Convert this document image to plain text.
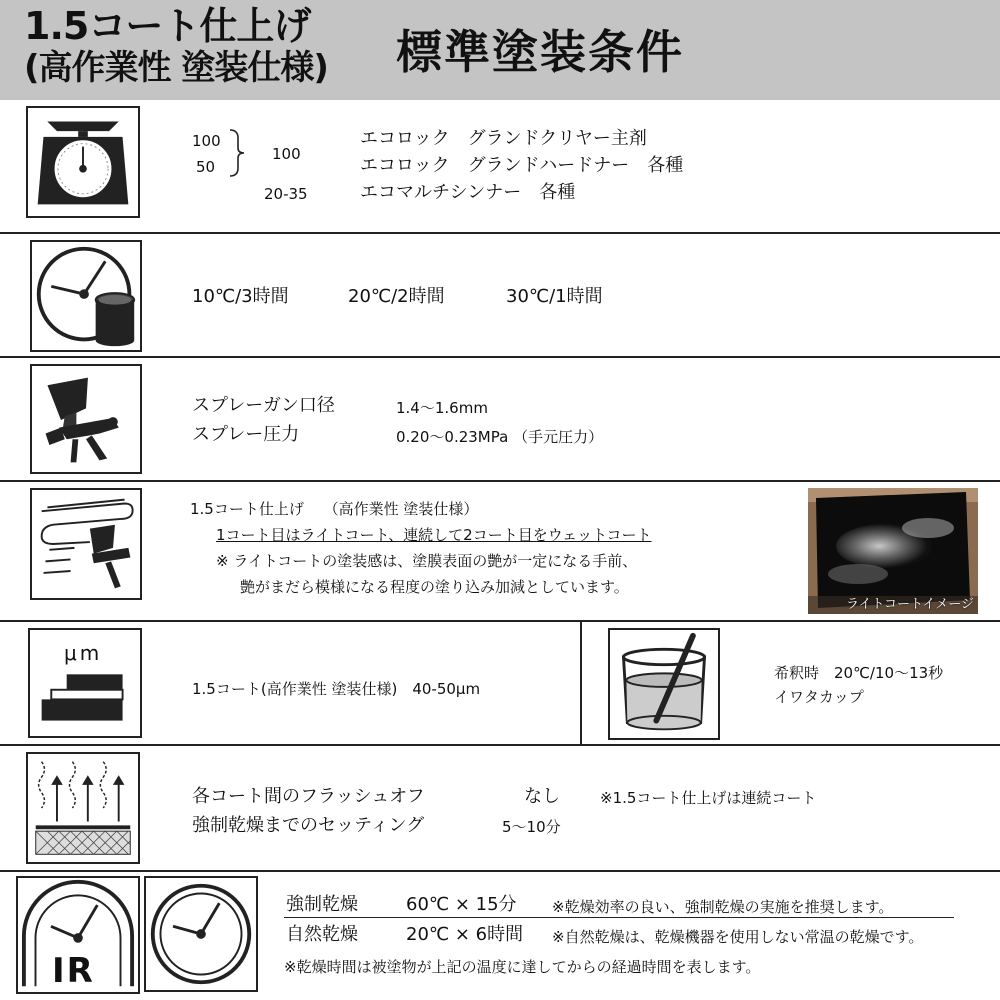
1.5コート仕上げ
(高作業性 塗装仕様) 標準塗装条件
100
50
100
20-35
エコロック　グランドクリヤー主剤
エコロック　グランドハードナー　各種
エコマルチシンナー　各種
10℃/3時間	20℃/2時間	30℃/1時間
スプレーガン口径	1.4～1.6mm
スプレー圧力	0.20～0.23MPa （手元圧力）
1.5コート仕上げ　 （高作業性 塗装仕様）
1コート目はライトコート、連続して2コート目をウェットコート
※ ライトコートの塗装感は、塗膜表面の艶が一定になる手前、
艶がまだら模様になる程度の塗り込み加減としています。
ライトコートイメージ
μm
1.5コート(高作業性 塗装仕様)　40-50μm
希釈時　20℃/10～13秒
イワタカップ
各コート間のフラッシュオフ	なし	※1.5コート仕上げは連続コート
強制乾燥までのセッティング	5～10分
IR
強制乾燥	60℃ × 15分 ※乾燥効率の良い、強制乾燥の実施を推奨します。
自然乾燥	20℃ × 6時間 ※自然乾燥は、乾燥機器を使用しない常温の乾燥です。
※乾燥時間は被塗物が上記の温度に達してからの経過時間を表します。
